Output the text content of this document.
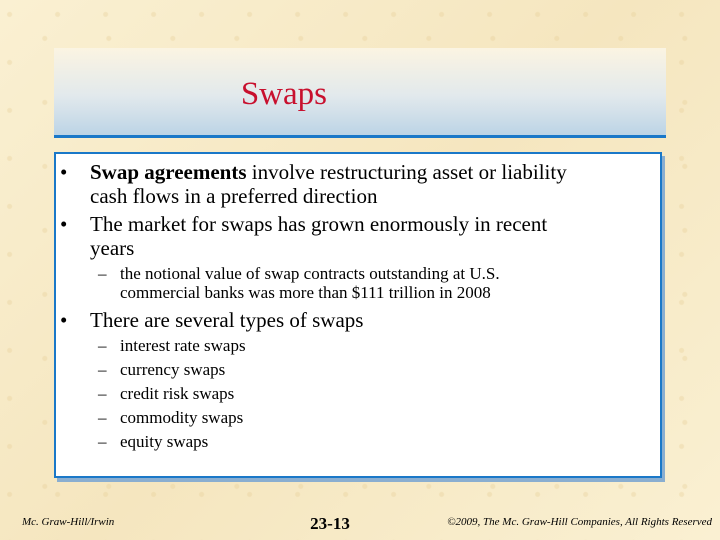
Swaps
•	Swap agreements involve restructuring asset or liability
cash flows in a preferred direction
•	The market for swaps has grown enormously in recent
years
– the notional value of swap contracts outstanding at U.S.
commercial banks was more than $111 trillion in 2008
•	There are several types of swaps
– interest rate swaps
– currency swaps
– credit risk swaps
– commodity swaps
– equity swaps
Mc. Graw-Hill/Irwin	23-13	©2009, The Mc. Graw-Hill Companies, All Rights Reserved
